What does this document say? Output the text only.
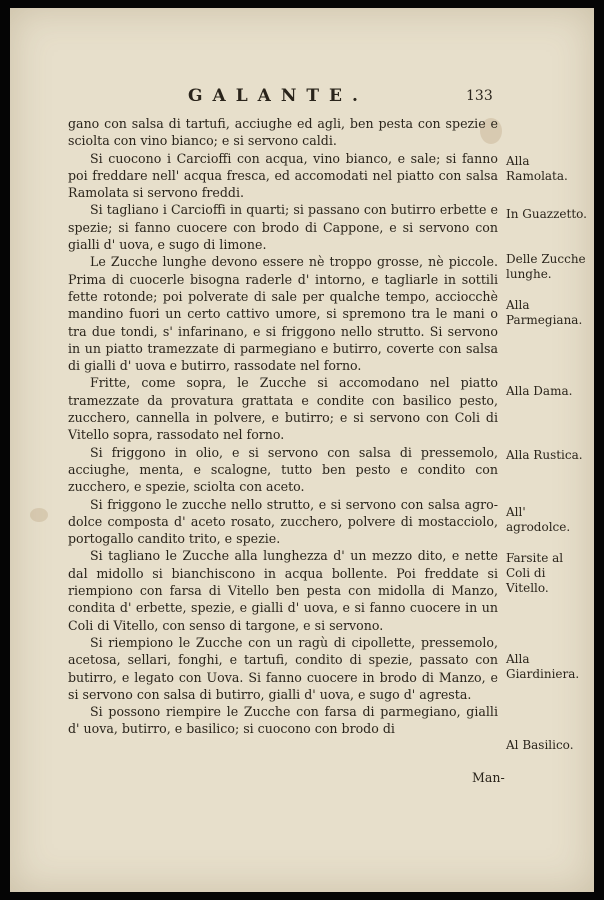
GALANTE.	133

gano con salsa di tartufi, acciughe ed agli, ben pesta con spezie e sciolta con vino bianco; e si servono caldi.

Si cuocono i Carcioffi con acqua, vino bianco, e sale; si fanno poi freddare nell' acqua fresca, ed accomodati nel piatto con salsa Ramolata si servono freddi.

Si tagliano i Carcioffi in quarti; si passano con butirro erbette e spezie; si fanno cuocere con brodo di Cappone, e si servono con gialli d' uova, e sugo di limone.

Le Zucche lunghe devono essere nè troppo grosse, nè piccole. Prima di cuocerle bisogna raderle d' intorno, e tagliarle in sottili fette rotonde; poi polverate di sale per qualche tempo, acciocchè mandino fuori un certo cattivo umore, si spremono tra le mani o tra due tondi, s' infarinano, e si friggono nello strutto. Si servono in un piatto tramezzate di parmegiano e butirro, coverte con salsa di gialli d' uova e butirro, rassodate nel forno.

Fritte, come sopra, le Zucche si accomodano nel piatto tramezzate da provatura grattata e condite con basilico pesto, zucchero, cannella in polvere, e butirro; e si servono con Coli di Vitello sopra, rassodato nel forno.

Si friggono in olio, e si servono con salsa di pressemolo, acciughe, menta, e scalogne, tutto ben pesto e condito con zucchero, e spezie, sciolta con aceto.

Si friggono le zucche nello strutto, e si servono con salsa agro-dolce composta d' aceto rosato, zucchero, polvere di mostacciolo, portogallo candito trito, e spezie.

Si tagliano le Zucche alla lunghezza d' un mezzo dito, e nette dal midollo si bianchiscono in acqua bollente. Poi freddate si riempiono con farsa di Vitello ben pesta con midolla di Manzo, condita d' erbette, spezie, e gialli d' uova, e si fanno cuocere in un Coli di Vitello, con senso di targone, e si servono.

Si riempiono le Zucche con un ragù di cipollette, pressemolo, acetosa, sellari, fonghi, e tartufi, condito di spezie, passato con butirro, e legato con Uova. Si fanno cuocere in brodo di Manzo, e si servono con salsa di butirro, gialli d' uova, e sugo d' agresta.

Si possono riempire le Zucche con farsa di parmegiano, gialli d' uova, butirro, e basilico; si cuocono con brodo di

Man-
Alla Ramolata.
In Guazzetto.
Delle Zucche lunghe.
Alla Parmegiana.
Alla Dama.
Alla Rustica.
All' agrodolce.
Farsite al Coli di Vitello.
Alla Giardiniera.
Al Basilico.
